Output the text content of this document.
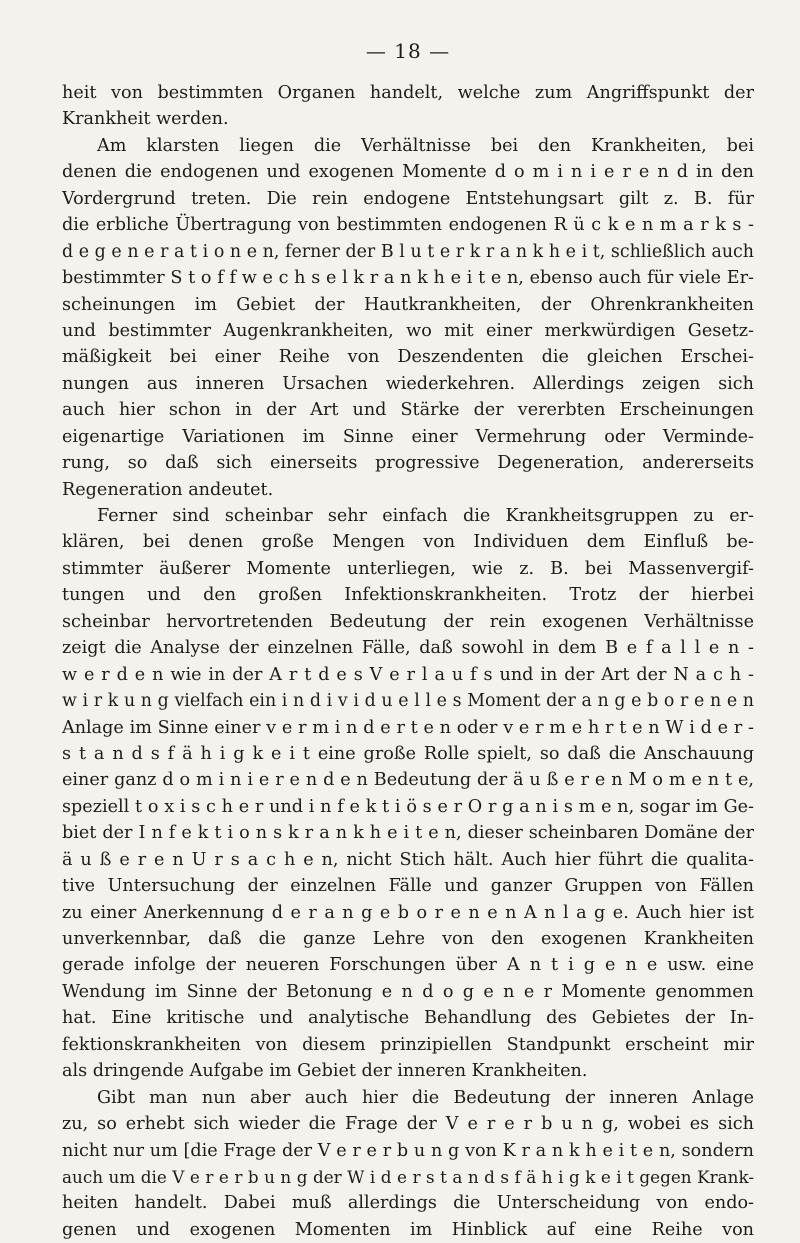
— 18 —
heit von bestimmten Organen handelt, welche zum Angriffspunkt der
Krankheit werden.
Am klarsten liegen die Verhältnisse bei den Krankheiten, bei
denen die endogenen und exogenen Momente d o m i n i e r e n d in den
Vordergrund treten. Die rein endogene Entstehungsart gilt z. B. für
die erbliche Übertragung von bestimmten endogenen R ü c k e n m a r k s -
d e g e n e r a t i o n e n, ferner der B l u t e r k r a n k h e i t, schließlich auch
bestimmter S t o f f w e c h s e l k r a n k h e i t e n, ebenso auch für viele Er-
scheinungen im Gebiet der Hautkrankheiten, der Ohrenkrankheiten
und bestimmter Augenkrankheiten, wo mit einer merkwürdigen Gesetz-
mäßigkeit bei einer Reihe von Deszendenten die gleichen Erschei-
nungen aus inneren Ursachen wiederkehren. Allerdings zeigen sich
auch hier schon in der Art und Stärke der vererbten Erscheinungen
eigenartige Variationen im Sinne einer Vermehrung oder Verminde-
rung, so daß sich einerseits progressive Degeneration, andererseits
Regeneration andeutet.
Ferner sind scheinbar sehr einfach die Krankheitsgruppen zu er-
klären, bei denen große Mengen von Individuen dem Einfluß be-
stimmter äußerer Momente unterliegen, wie z. B. bei Massenvergif-
tungen und den großen Infektionskrankheiten. Trotz der hierbei
scheinbar hervortretenden Bedeutung der rein exogenen Verhältnisse
zeigt die Analyse der einzelnen Fälle, daß sowohl in dem B e f a l l e n -
w e r d e n wie in der A r t d e s V e r l a u f s und in der Art der N a c h -
w i r k u n g vielfach ein i n d i v i d u e l l e s Moment der a n g e b o r e n e n
Anlage im Sinne einer v e r m i n d e r t e n oder v e r m e h r t e n W i d e r -
s t a n d s f ä h i g k e i t eine große Rolle spielt, so daß die Anschauung
einer ganz d o m i n i e r e n d e n Bedeutung der ä u ß e r e n M o m e n t e,
speziell t o x i s c h e r und i n f e k t i ö s e r O r g a n i s m e n, sogar im Ge-
biet der I n f e k t i o n s k r a n k h e i t e n, dieser scheinbaren Domäne der
ä u ß e r e n U r s a c h e n, nicht Stich hält. Auch hier führt die qualita-
tive Untersuchung der einzelnen Fälle und ganzer Gruppen von Fällen
zu einer Anerkennung d e r a n g e b o r e n e n A n l a g e. Auch hier ist
unverkennbar, daß die ganze Lehre von den exogenen Krankheiten
gerade infolge der neueren Forschungen über A n t i g e n e usw. eine
Wendung im Sinne der Betonung e n d o g e n e r Momente genommen
hat. Eine kritische und analytische Behandlung des Gebietes der In-
fektionskrankheiten von diesem prinzipiellen Standpunkt erscheint mir
als dringende Aufgabe im Gebiet der inneren Krankheiten.
Gibt man nun aber auch hier die Bedeutung der inneren Anlage
zu, so erhebt sich wieder die Frage der V e r e r b u n g, wobei es sich
nicht nur um [die Frage der V e r e r b u n g von K r a n k h e i t e n, sondern
auch um die V e r e r b u n g der W i d e r s t a n d s f ä h i g k e i t gegen Krank-
heiten handelt. Dabei muß allerdings die Unterscheidung von endo-
genen und exogenen Momenten im Hinblick auf eine Reihe von
